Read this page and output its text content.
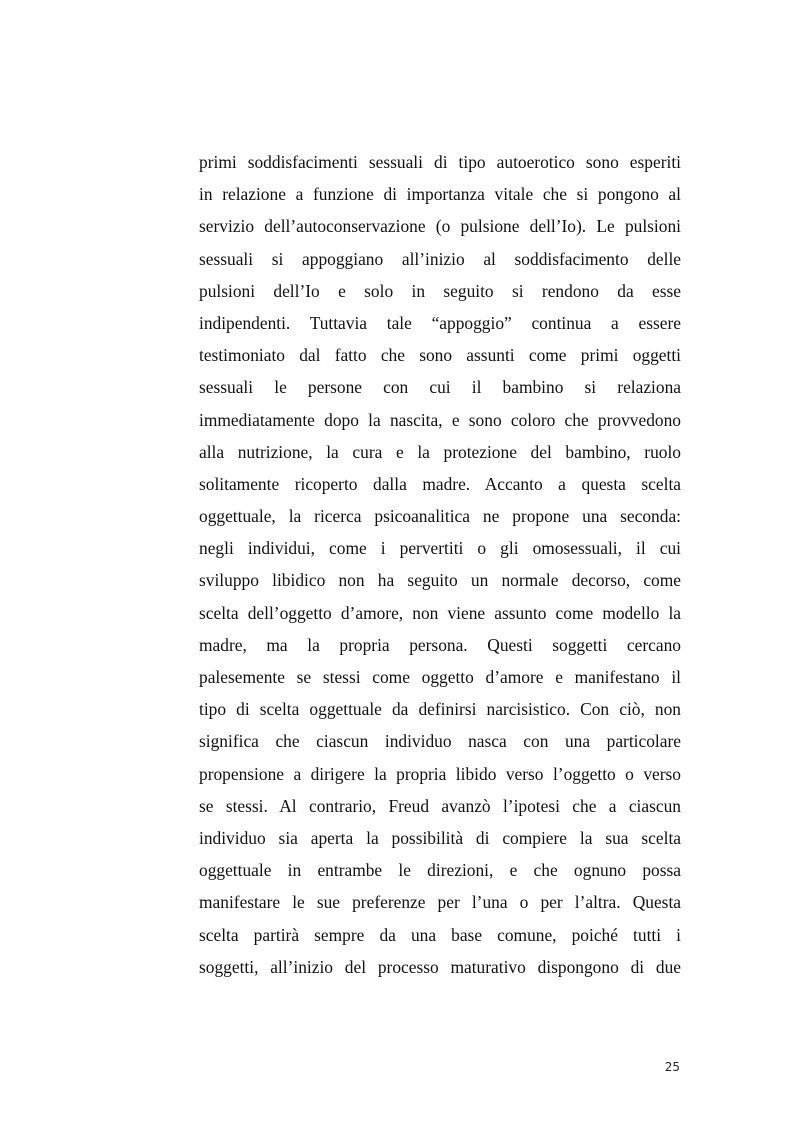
primi soddisfacimenti sessuali di tipo autoerotico sono esperiti
in relazione a funzione di importanza vitale che si pongono al
servizio dell’autoconservazione (o pulsione dell’Io). Le pulsioni
sessuali si appoggiano all’inizio al soddisfacimento delle
pulsioni dell’Io e solo in seguito si rendono da esse
indipendenti. Tuttavia tale “appoggio” continua a essere
testimoniato dal fatto che sono assunti come primi oggetti
sessuali le persone con cui il bambino si relaziona
immediatamente dopo la nascita, e sono coloro che provvedono
alla nutrizione, la cura e la protezione del bambino, ruolo
solitamente ricoperto dalla madre. Accanto a questa scelta
oggettuale, la ricerca psicoanalitica ne propone una seconda:
negli individui, come i pervertiti o gli omosessuali, il cui
sviluppo libidico non ha seguito un normale decorso, come
scelta dell’oggetto d’amore, non viene assunto come modello la
madre, ma la propria persona. Questi soggetti cercano
palesemente se stessi come oggetto d’amore e manifestano il
tipo di scelta oggettuale da definirsi narcisistico. Con ciò, non
significa che ciascun individuo nasca con una particolare
propensione a dirigere la propria libido verso l’oggetto o verso
se stessi. Al contrario, Freud avanzò l’ipotesi che a ciascun
individuo sia aperta la possibilità di compiere la sua scelta
oggettuale in entrambe le direzioni, e che ognuno possa
manifestare le sue preferenze per l’una o per l’altra. Questa
scelta partirà sempre da una base comune, poiché tutti i
soggetti, all’inizio del processo maturativo dispongono di due
25
